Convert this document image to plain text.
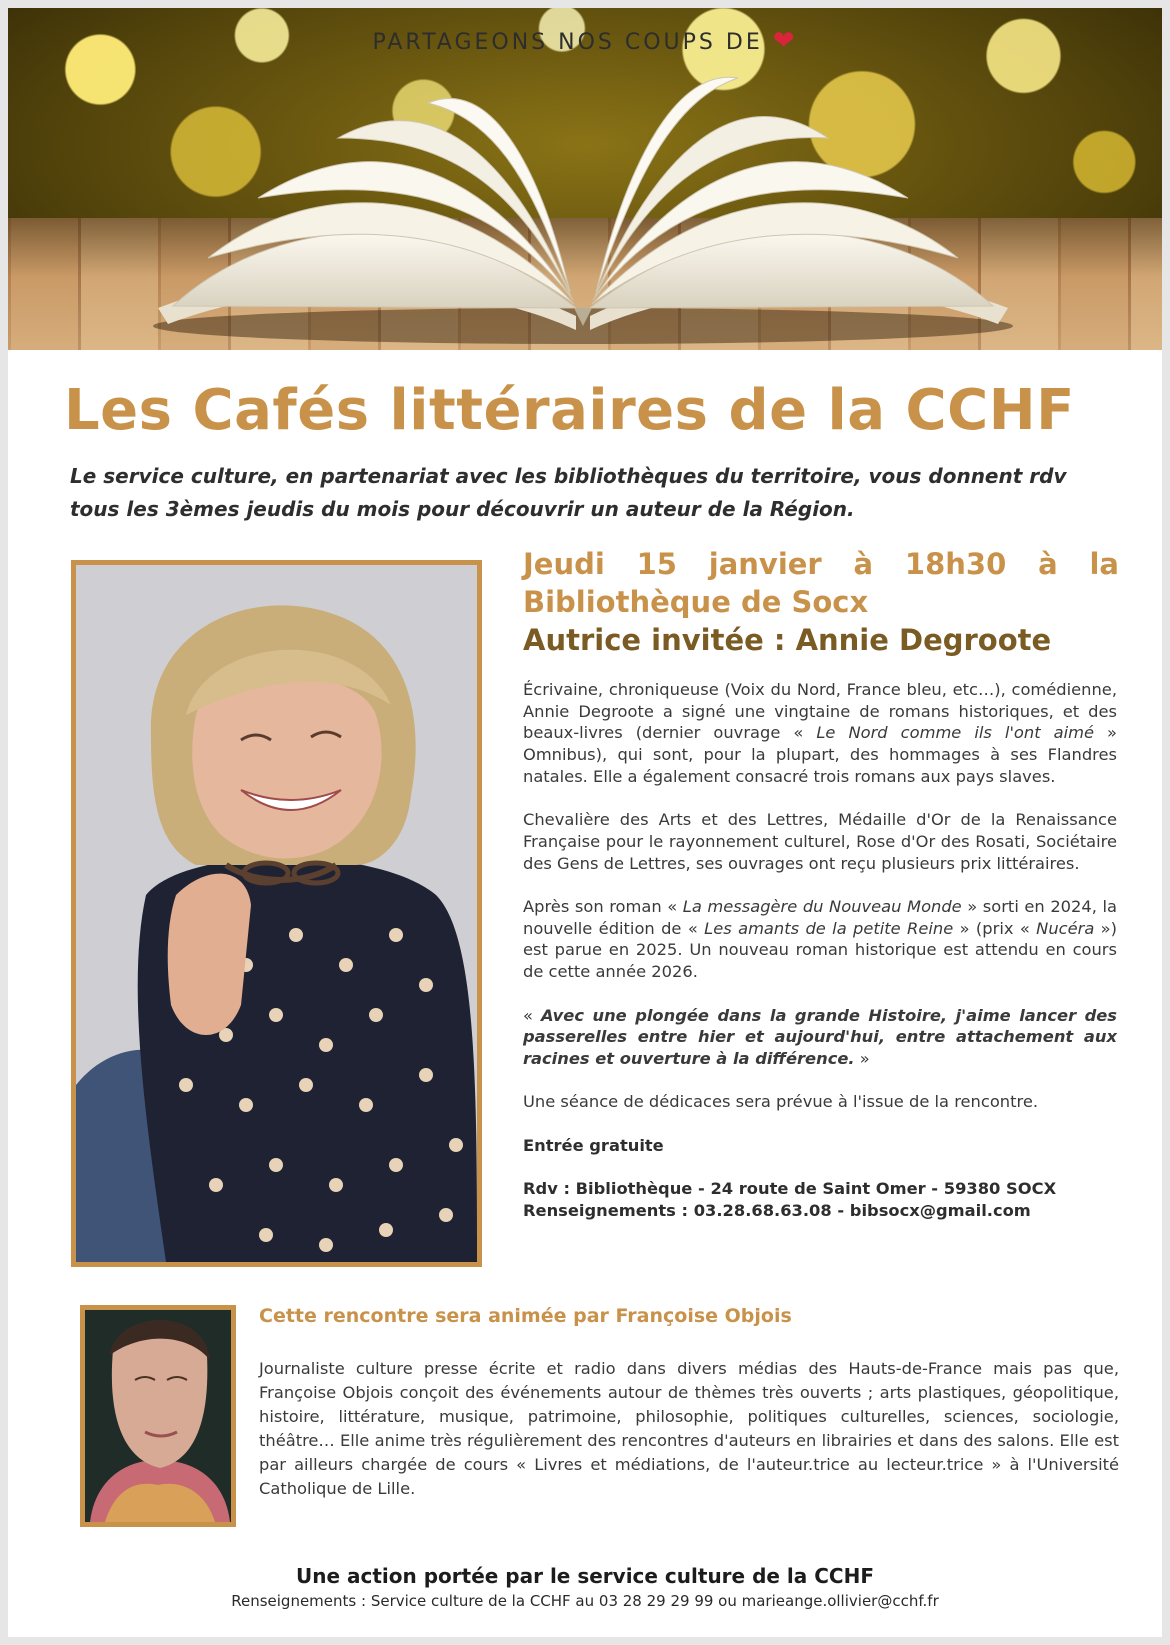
PARTAGEONS NOS COUPS DE ❤
Les Cafés littéraires de la CCHF
Le service culture, en partenariat avec les bibliothèques du territoire, vous donnent rdv tous les 3èmes jeudis du mois pour découvrir un auteur de la Région.
Jeudi 15 janvier à 18h30 à la
Bibliothèque de Socx
Autrice invitée : Annie Degroote

Écrivaine, chroniqueuse (Voix du Nord, France bleu, etc…), comédienne, Annie Degroote a signé une vingtaine de romans historiques, et des beaux-livres (dernier ouvrage « Le Nord comme ils l'ont aimé » Omnibus), qui sont, pour la plupart, des hommages à ses Flandres natales. Elle a également consacré trois romans aux pays slaves.

Chevalière des Arts et des Lettres, Médaille d'Or de la Renaissance Française pour le rayonnement culturel, Rose d'Or des Rosati, Sociétaire des Gens de Lettres, ses ouvrages ont reçu plusieurs prix littéraires.

Après son roman « La messagère du Nouveau Monde » sorti en 2024, la nouvelle édition de « Les amants de la petite Reine » (prix « Nucéra ») est parue en 2025. Un nouveau roman historique est attendu en cours de cette année 2026.

« Avec une plongée dans la grande Histoire, j'aime lancer des passerelles entre hier et aujourd'hui, entre attachement aux racines et ouverture à la différence. »

Une séance de dédicaces sera prévue à l'issue de la rencontre.

Entrée gratuite

Rdv : Bibliothèque - 24 route de Saint Omer - 59380 SOCX
Renseignements : 03.28.68.63.08 - bibsocx@gmail.com
Cette rencontre sera animée par Françoise Objois
Journaliste culture presse écrite et radio dans divers médias des Hauts-de-France mais pas que, Françoise Objois conçoit des événements autour de thèmes très ouverts ; arts plastiques, géopolitique, histoire, littérature, musique, patrimoine, philosophie, politiques culturelles, sciences, sociologie, théâtre… Elle anime très régulièrement des rencontres d'auteurs en librairies et dans des salons. Elle est par ailleurs chargée de cours « Livres et médiations, de l'auteur.trice au lecteur.trice » à l'Université Catholique de Lille.
Une action portée par le service culture de la CCHF
Renseignements : Service culture de la CCHF au 03 28 29 29 99 ou marieange.ollivier@cchf.fr
